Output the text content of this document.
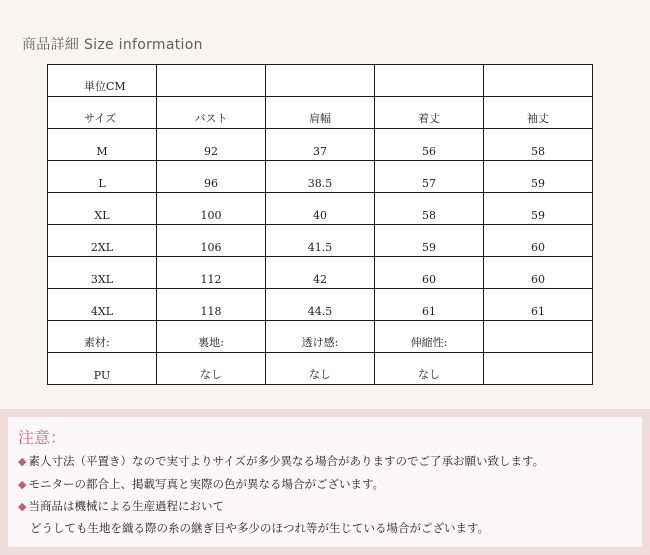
商品詳細 Size information
単位CM				
サイズ	バスト	肩幅	着丈	袖丈
M	92	37	56	58
L	96	38.5	57	59
XL	100	40	58	59
2XL	106	41.5	59	60
3XL	112	42	60	60
4XL	118	44.5	61	61
素材:	裏地:	透け感:	伸縮性:	
PU	なし	なし	なし	
注意：
◆ 素人寸法（平置き）なので実寸よりサイズが多少異なる場合がありますのでご了承お願い致します。
◆ モニターの都合上、掲載写真と実際の色が異なる場合がございます。
◆ 当商品は機械による生産過程において
どうしても生地を織る際の糸の継ぎ目や多少のほつれ等が生じている場合がございます。
